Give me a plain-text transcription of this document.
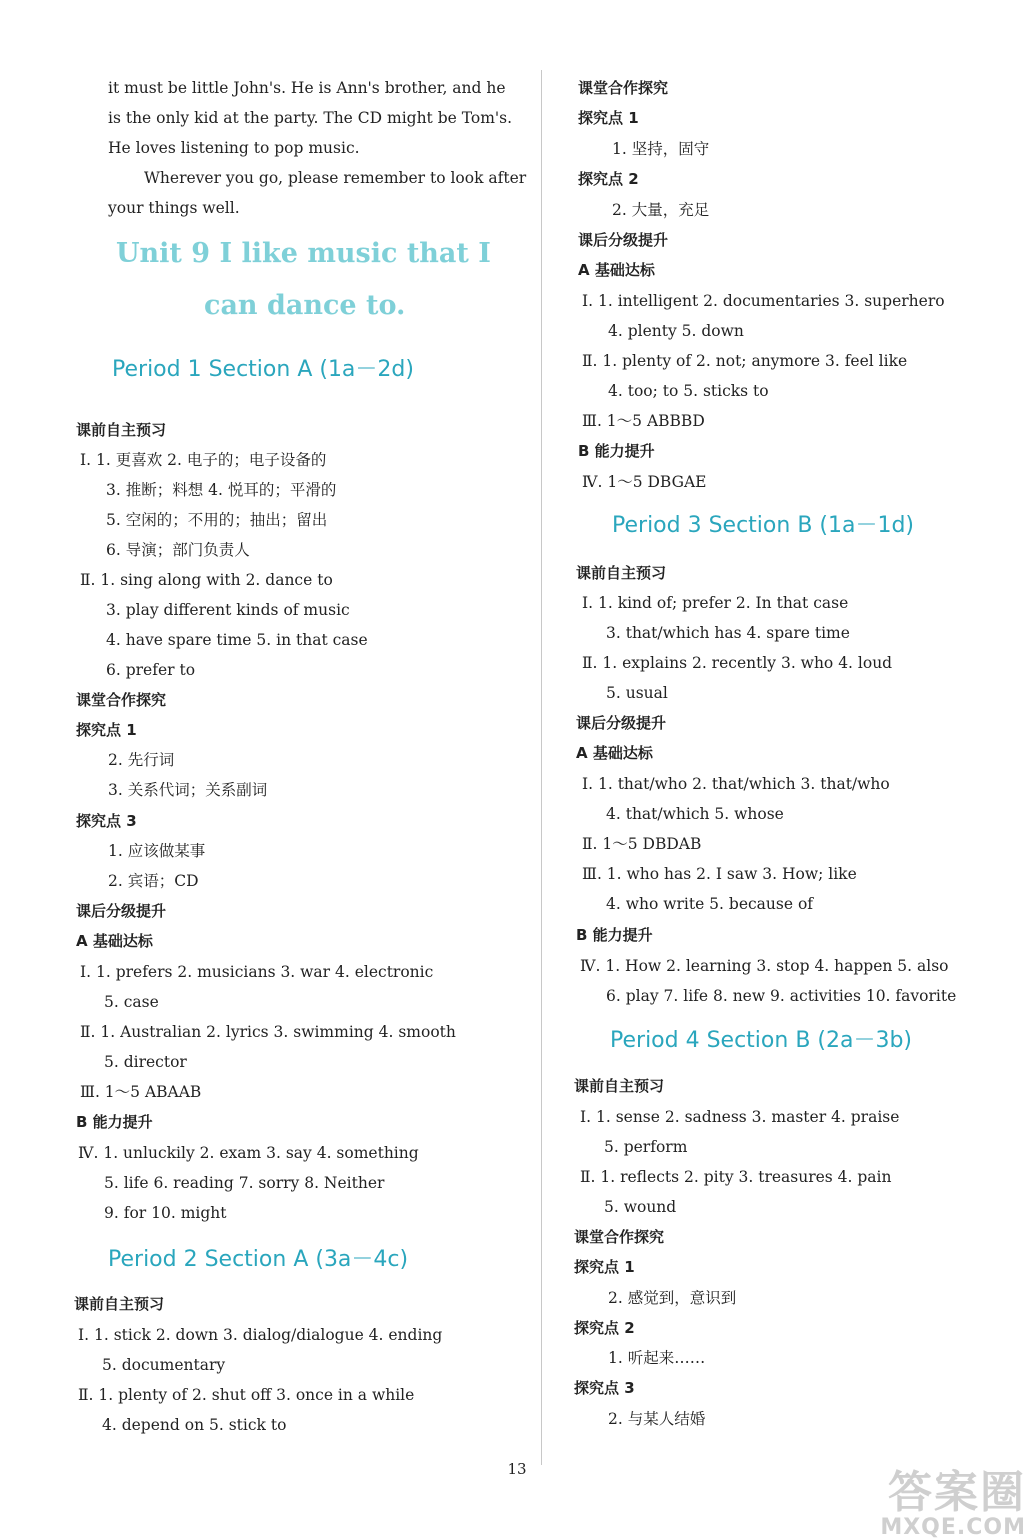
it must be little John's. He is Ann's brother, and he
is the only kid at the party. The CD might be Tom's.
He loves listening to pop music.
Wherever you go, please remember to look after
your things well.
Unit 9 I like music that I
can dance to.
Period 1 Section A (1a－2d)
课前自主预习
Ⅰ. 1. 更喜欢 2. 电子的；电子设备的
3. 推断；料想 4. 悦耳的；平滑的
5. 空闲的；不用的；抽出；留出
6. 导演；部门负责人
Ⅱ. 1. sing along with 2. dance to
3. play different kinds of music
4. have spare time 5. in that case
6. prefer to
课堂合作探究
探究点 1
2. 先行词
3. 关系代词；关系副词
探究点 3
1. 应该做某事
2. 宾语；CD
课后分级提升
A 基础达标
Ⅰ. 1. prefers 2. musicians 3. war 4. electronic
5. case
Ⅱ. 1. Australian 2. lyrics 3. swimming 4. smooth
5. director
Ⅲ. 1～5 ABAAB
B 能力提升
Ⅳ. 1. unluckily 2. exam 3. say 4. something
5. life 6. reading 7. sorry 8. Neither
9. for 10. might
Period 2 Section A (3a－4c)
课前自主预习
Ⅰ. 1. stick 2. down 3. dialog/dialogue 4. ending
5. documentary
Ⅱ. 1. plenty of 2. shut off 3. once in a while
4. depend on 5. stick to
课堂合作探究
探究点 1
1. 坚持，固守
探究点 2
2. 大量，充足
课后分级提升
A 基础达标
Ⅰ. 1. intelligent 2. documentaries 3. superhero
4. plenty 5. down
Ⅱ. 1. plenty of 2. not; anymore 3. feel like
4. too; to 5. sticks to
Ⅲ. 1～5 ABBBD
B 能力提升
Ⅳ. 1～5 DBGAE
Period 3 Section B (1a－1d)
课前自主预习
Ⅰ. 1. kind of; prefer 2. In that case
3. that/which has 4. spare time
Ⅱ. 1. explains 2. recently 3. who 4. loud
5. usual
课后分级提升
A 基础达标
Ⅰ. 1. that/who 2. that/which 3. that/who
4. that/which 5. whose
Ⅱ. 1～5 DBDAB
Ⅲ. 1. who has 2. I saw 3. How; like
4. who write 5. because of
B 能力提升
Ⅳ. 1. How 2. learning 3. stop 4. happen 5. also
6. play 7. life 8. new 9. activities 10. favorite
Period 4 Section B (2a－3b)
课前自主预习
Ⅰ. 1. sense 2. sadness 3. master 4. praise
5. perform
Ⅱ. 1. reflects 2. pity 3. treasures 4. pain
5. wound
课堂合作探究
探究点 1
2. 感觉到，意识到
探究点 2
1. 听起来……
探究点 3
2. 与某人结婚
13	答案圈
MXQE.COM
